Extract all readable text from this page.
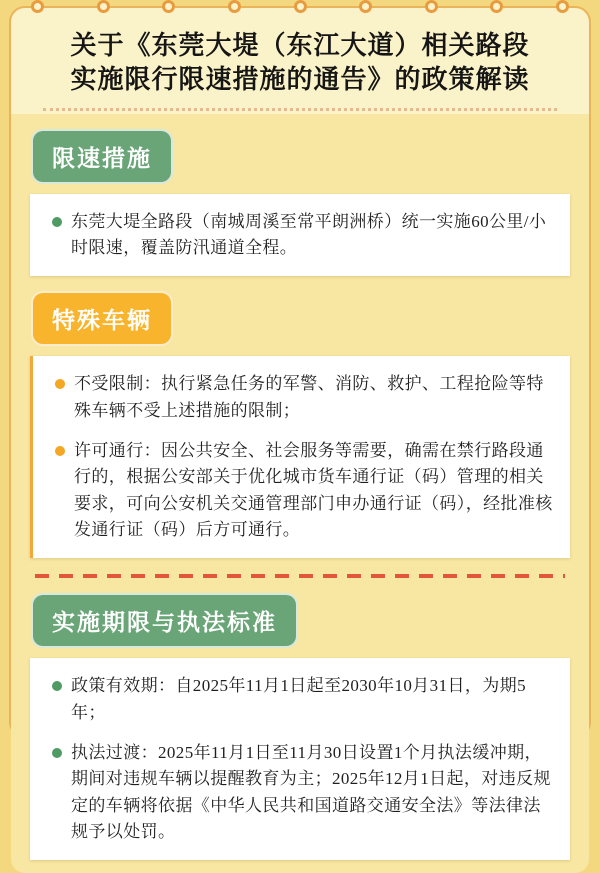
关于《东莞大堤（东江大道）相关路段
实施限行限速措施的通告》的政策解读
限速措施
东莞大堤全路段（南城周溪至常平朗洲桥）统一实施60公里/小时限速，覆盖防汛通道全程。
特殊车辆
不受限制：执行紧急任务的军警、消防、救护、工程抢险等特殊车辆不受上述措施的限制；
许可通行：因公共安全、社会服务等需要，确需在禁行路段通行的，根据公安部关于优化城市货车通行证（码）管理的相关要求，可向公安机关交通管理部门申办通行证（码），经批准核发通行证（码）后方可通行。
实施期限与执法标准
政策有效期：自2025年11月1日起至2030年10月31日，为期5年；
执法过渡：2025年11月1日至11月30日设置1个月执法缓冲期，期间对违规车辆以提醒教育为主；2025年12月1日起，对违反规定的车辆将依据《中华人民共和国道路交通安全法》等法律法规予以处罚。
